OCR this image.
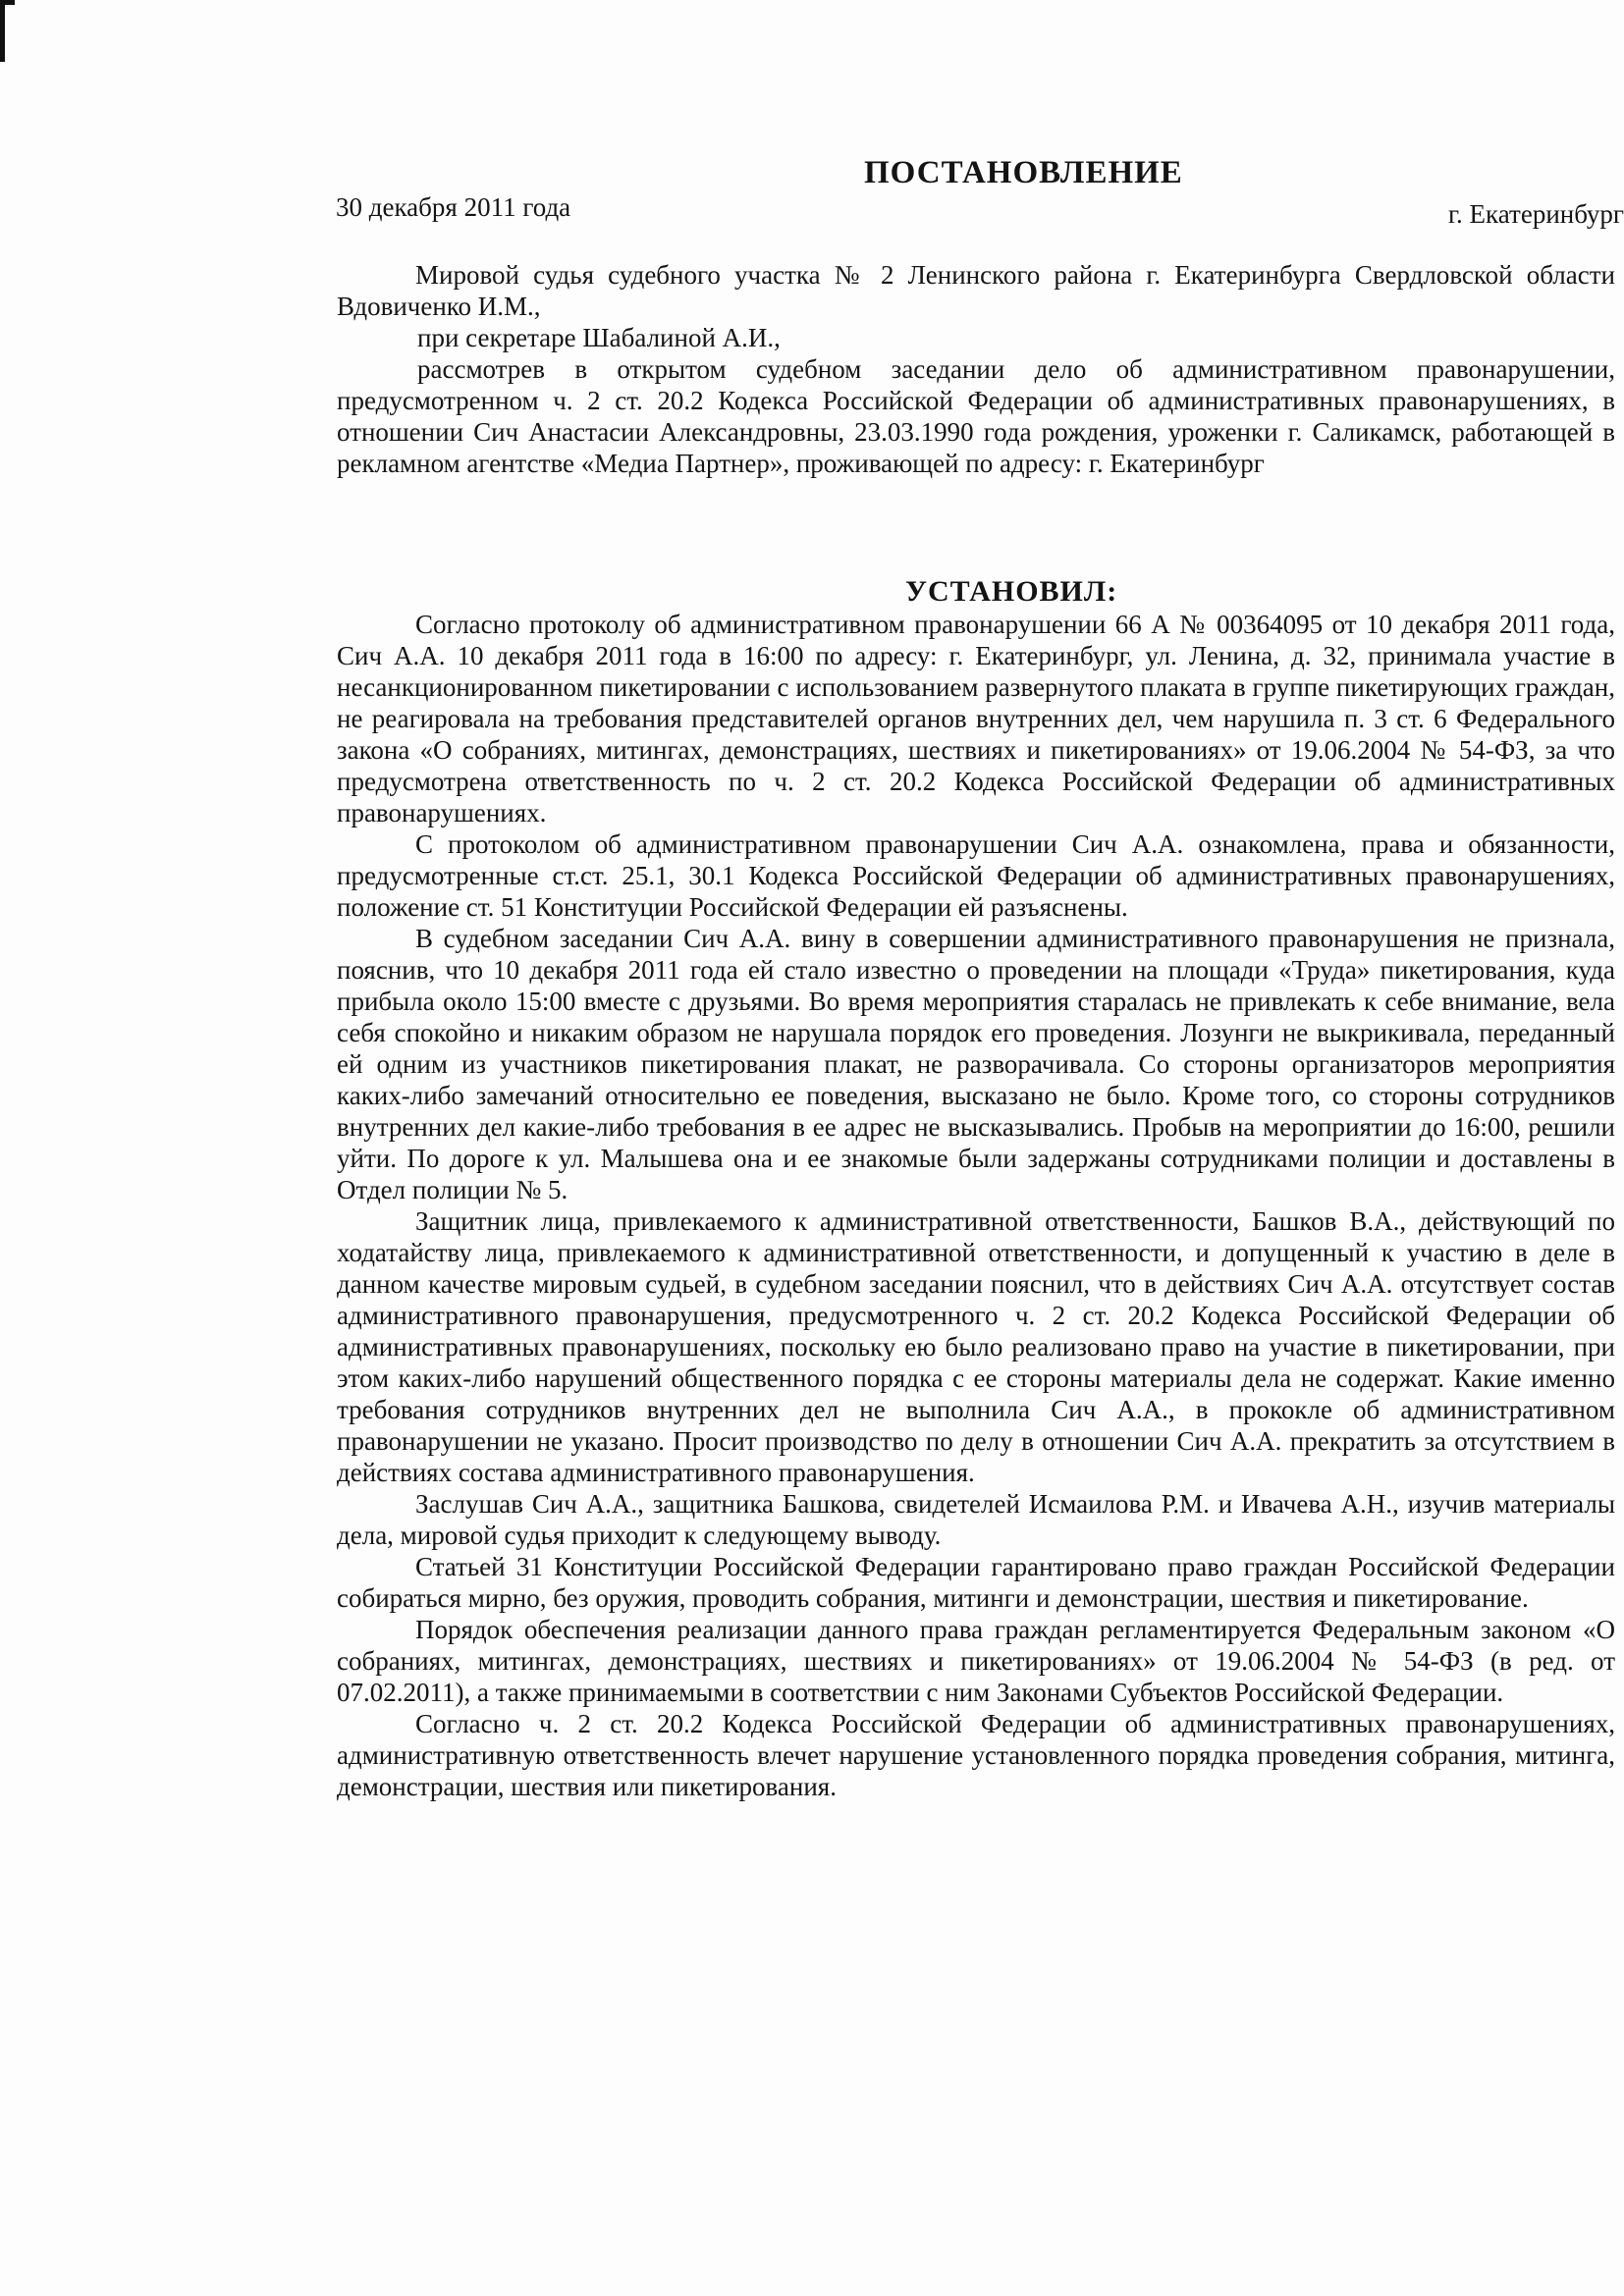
ПОСТАНОВЛЕНИЕ
30 декабря 2011 года	г. Екатеринбург
Мировой судья судебного участка № 2 Ленинского района г. Екатеринбурга Свердловской области Вдовиченко И.М.,
при секретаре Шабалиной А.И.,
рассмотрев в открытом судебном заседании дело об административном правонарушении, предусмотренном ч. 2 ст. 20.2 Кодекса Российской Федерации об административных правонарушениях, в отношении Сич Анастасии Александровны, 23.03.1990 года рождения, уроженки г. Саликамск, работающей в рекламном агентстве «Медиа Партнер», проживающей по адресу: г. Екатеринбург
УСТАНОВИЛ:

Согласно протоколу об административном правонарушении 66 А № 00364095 от 10 декабря 2011 года, Сич А.А. 10 декабря 2011 года в 16:00 по адресу: г. Екатеринбург, ул. Ленина, д. 32, принимала участие в несанкционированном пикетировании с использованием развернутого плаката в группе пикетирующих граждан, не реагировала на требования представителей органов внутренних дел, чем нарушила п. 3 ст. 6 Федерального закона «О собраниях, митингах, демонстрациях, шествиях и пикетированиях» от 19.06.2004 № 54-ФЗ, за что предусмотрена ответственность по ч. 2 ст. 20.2 Кодекса Российской Федерации об административных правонарушениях.

С протоколом об административном правонарушении Сич А.А. ознакомлена, права и обязанности, предусмотренные ст.ст. 25.1, 30.1 Кодекса Российской Федерации об административных правонарушениях, положение ст. 51 Конституции Российской Федерации ей разъяснены.

В судебном заседании Сич А.А. вину в совершении административного правонарушения не признала, пояснив, что 10 декабря 2011 года ей стало известно о проведении на площади «Труда» пикетирования, куда прибыла около 15:00 вместе с друзьями. Во время мероприятия старалась не привлекать к себе внимание, вела себя спокойно и никаким образом не нарушала порядок его проведения. Лозунги не выкрикивала, переданный ей одним из участников пикетирования плакат, не разворачивала. Со стороны организаторов мероприятия каких-либо замечаний относительно ее поведения, высказано не было. Кроме того, со стороны сотрудников внутренних дел какие-либо требования в ее адрес не высказывались. Пробыв на мероприятии до 16:00, решили уйти. По дороге к ул. Малышева она и ее знакомые были задержаны сотрудниками полиции и доставлены в Отдел полиции № 5.

Защитник лица, привлекаемого к административной ответственности, Башков В.А., действующий по ходатайству лица, привлекаемого к административной ответственности, и допущенный к участию в деле в данном качестве мировым судьей, в судебном заседании пояснил, что в действиях Сич А.А. отсутствует состав административного правонарушения, предусмотренного ч. 2 ст. 20.2 Кодекса Российской Федерации об административных правонарушениях, поскольку ею было реализовано право на участие в пикетировании, при этом каких-либо нарушений общественного порядка с ее стороны материалы дела не содержат. Какие именно требования сотрудников внутренних дел не выполнила Сич А.А., в прококле об административном правонарушении не указано. Просит производство по делу в отношении Сич А.А. прекратить за отсутствием в действиях состава административного правонарушения.

Заслушав Сич А.А., защитника Башкова, свидетелей Исмаилова Р.М. и Ивачева А.Н., изучив материалы дела, мировой судья приходит к следующему выводу.

Статьей 31 Конституции Российской Федерации гарантировано право граждан Российской Федерации собираться мирно, без оружия, проводить собрания, митинги и демонстрации, шествия и пикетирование.

Порядок обеспечения реализации данного права граждан регламентируется Федеральным законом «О собраниях, митингах, демонстрациях, шествиях и пикетированиях» от 19.06.2004 № 54-ФЗ (в ред. от 07.02.2011), а также принимаемыми в соответствии с ним Законами Субъектов Российской Федерации.

Согласно ч. 2 ст. 20.2 Кодекса Российской Федерации об административных правонарушениях, административную ответственность влечет нарушение установленного порядка проведения собрания, митинга, демонстрации, шествия или пикетирования.
